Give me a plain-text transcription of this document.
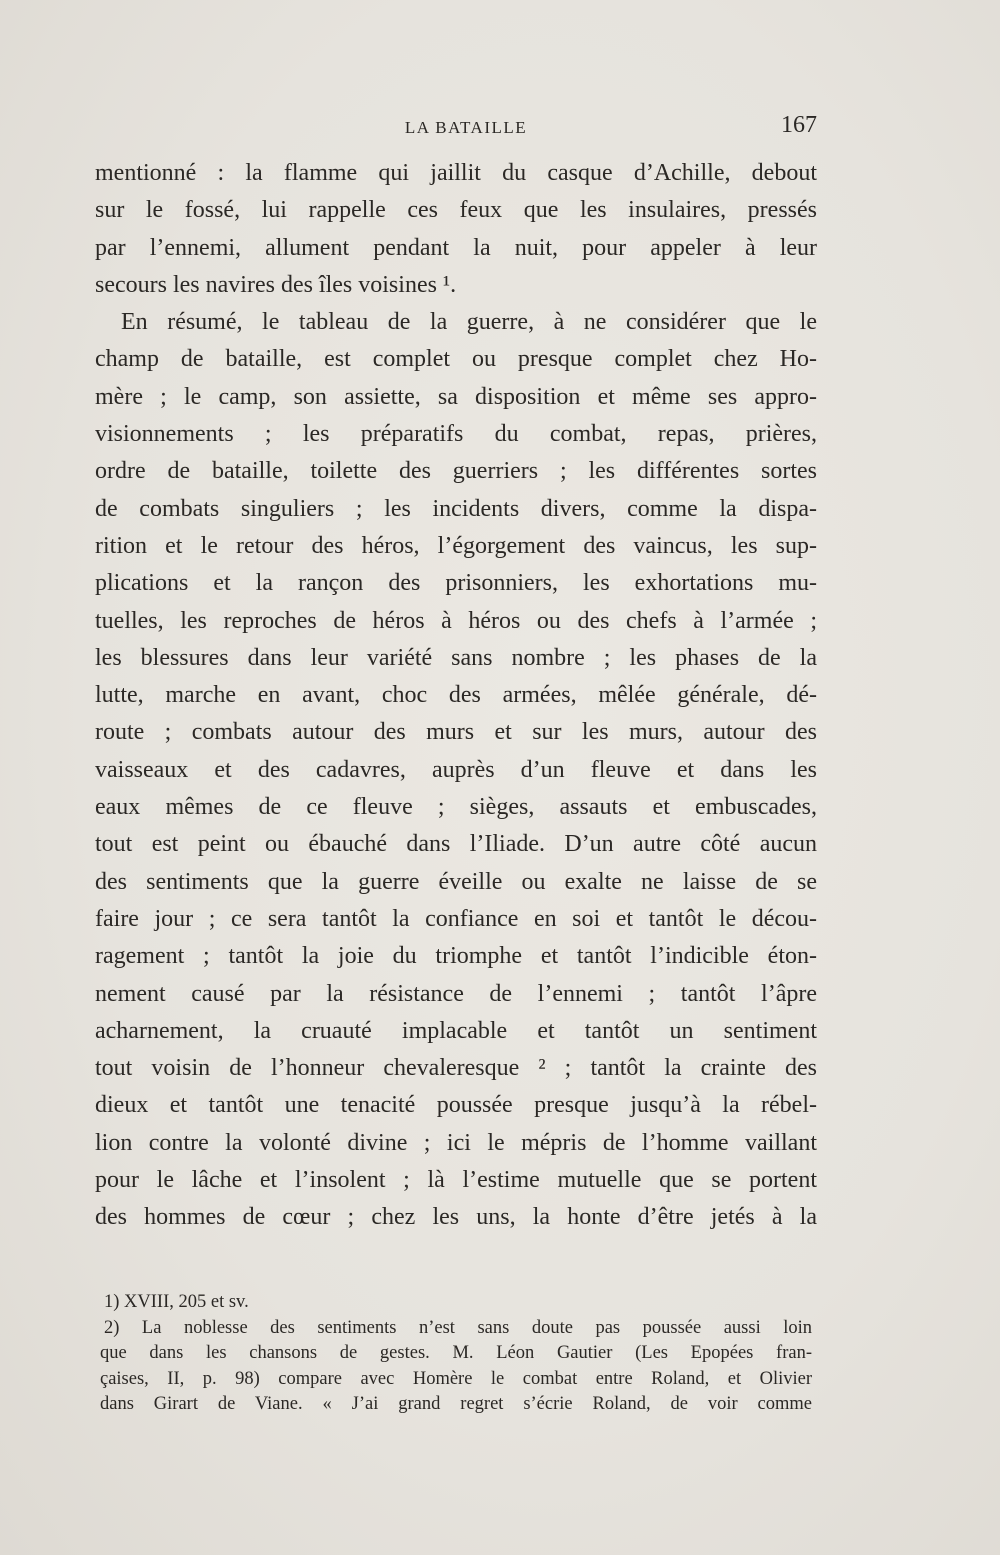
LA BATAILLE	167
mentionné : la flamme qui jaillit du casque d’Achille, debout
sur le fossé, lui rappelle ces feux que les insulaires, pressés
par l’ennemi, allument pendant la nuit, pour appeler à leur
secours les navires des îles voisines ¹.
En résumé, le tableau de la guerre, à ne considérer que le
champ de bataille, est complet ou presque complet chez Ho-
mère ; le camp, son assiette, sa disposition et même ses appro-
visionnements ; les préparatifs du combat, repas, prières,
ordre de bataille, toilette des guerriers ; les différentes sortes
de combats singuliers ; les incidents divers, comme la dispa-
rition et le retour des héros, l’égorgement des vaincus, les sup-
plications et la rançon des prisonniers, les exhortations mu-
tuelles, les reproches de héros à héros ou des chefs à l’armée ;
les blessures dans leur variété sans nombre ; les phases de la
lutte, marche en avant, choc des armées, mêlée générale, dé-
route ; combats autour des murs et sur les murs, autour des
vaisseaux et des cadavres, auprès d’un fleuve et dans les
eaux mêmes de ce fleuve ; sièges, assauts et embuscades,
tout est peint ou ébauché dans l’Iliade. D’un autre côté aucun
des sentiments que la guerre éveille ou exalte ne laisse de se
faire jour ; ce sera tantôt la confiance en soi et tantôt le décou-
ragement ; tantôt la joie du triomphe et tantôt l’indicible éton-
nement causé par la résistance de l’ennemi ; tantôt l’âpre
acharnement, la cruauté implacable et tantôt un sentiment
tout voisin de l’honneur chevaleresque ² ; tantôt la crainte des
dieux et tantôt une tenacité poussée presque jusqu’à la rébel-
lion contre la volonté divine ; ici le mépris de l’homme vaillant
pour le lâche et l’insolent ; là l’estime mutuelle que se portent
des hommes de cœur ; chez les uns, la honte d’être jetés à la
1) XVIII, 205 et sv.
2) La noblesse des sentiments n’est sans doute pas poussée aussi loin
que dans les chansons de gestes. M. Léon Gautier (Les Epopées fran-
çaises, II, p. 98) compare avec Homère le combat entre Roland, et Olivier
dans Girart de Viane. « J’ai grand regret s’écrie Roland, de voir comme
